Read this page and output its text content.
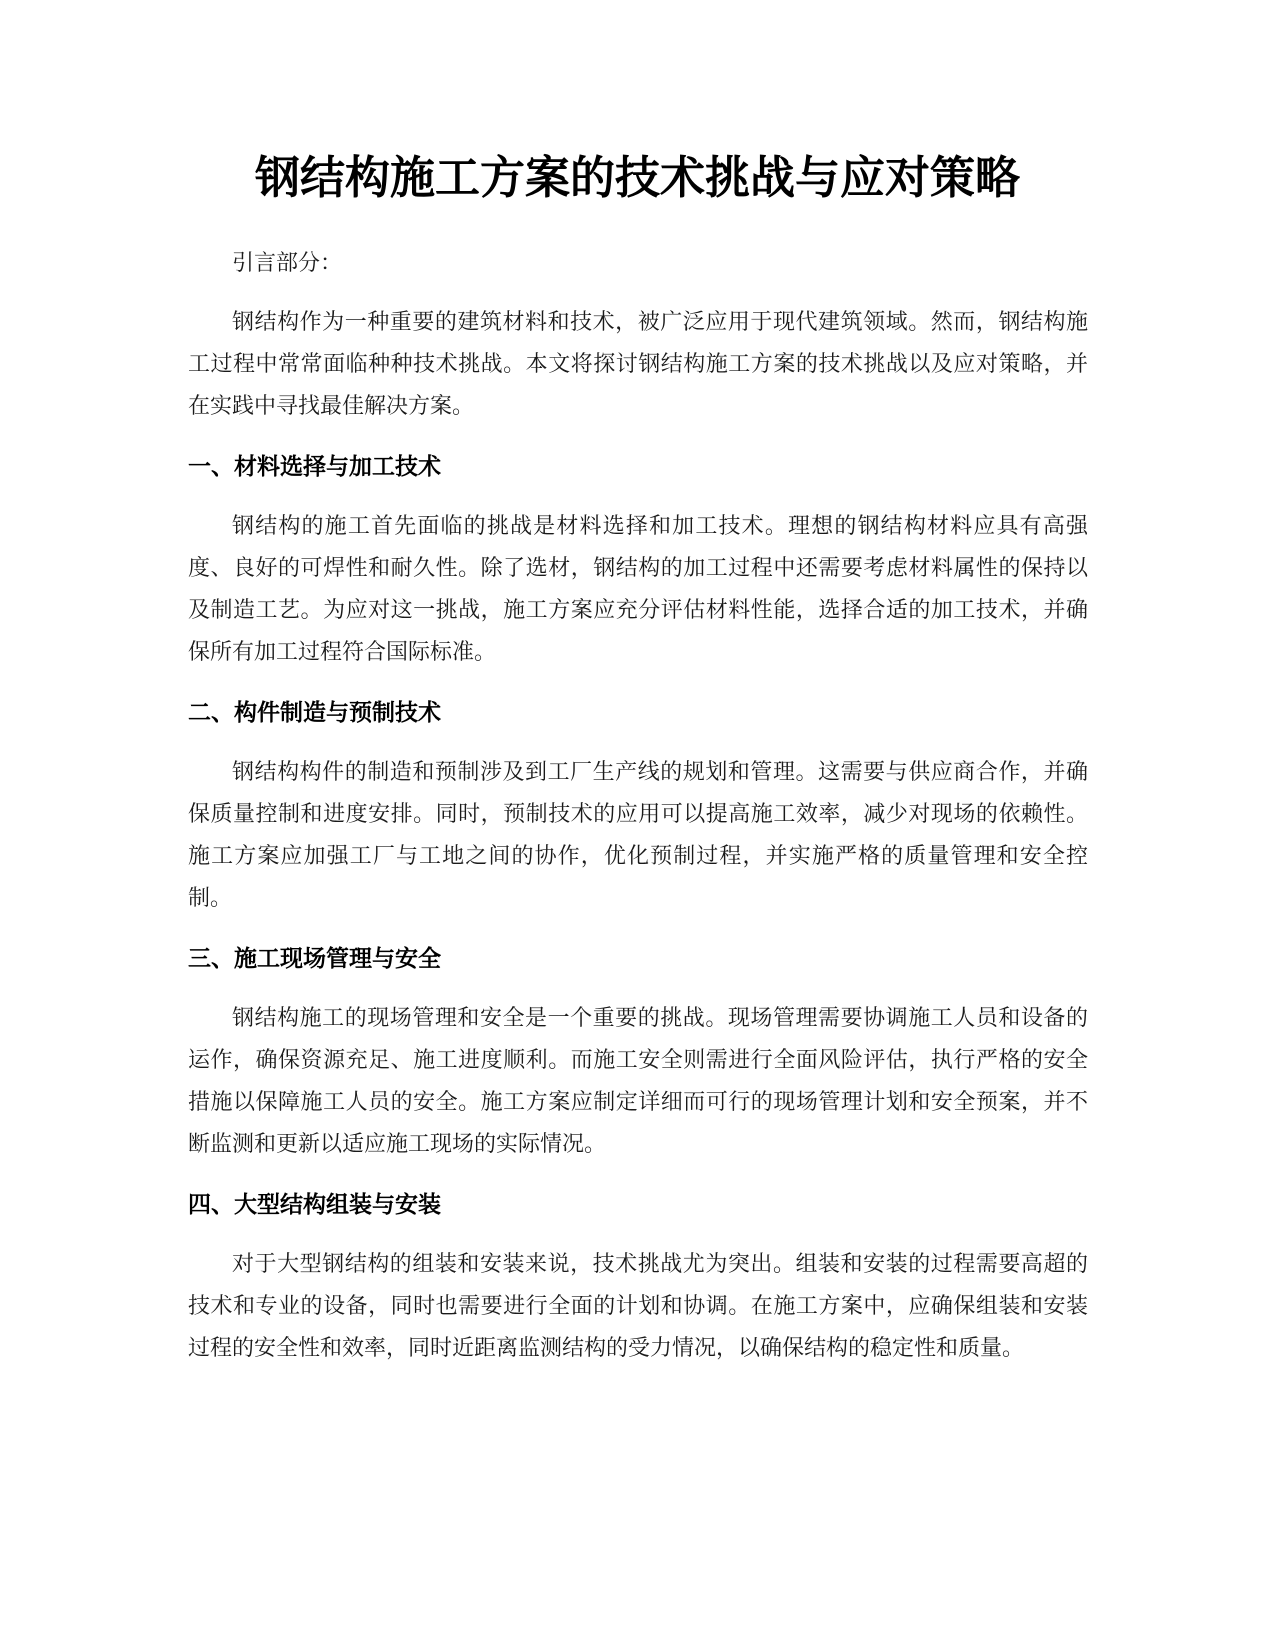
钢结构施工方案的技术挑战与应对策略

引言部分：

钢结构作为一种重要的建筑材料和技术，被广泛应用于现代建筑领域。然而，钢结构施工过程中常常面临种种技术挑战。本文将探讨钢结构施工方案的技术挑战以及应对策略，并在实践中寻找最佳解决方案。

一、材料选择与加工技术

钢结构的施工首先面临的挑战是材料选择和加工技术。理想的钢结构材料应具有高强度、良好的可焊性和耐久性。除了选材，钢结构的加工过程中还需要考虑材料属性的保持以及制造工艺。为应对这一挑战，施工方案应充分评估材料性能，选择合适的加工技术，并确保所有加工过程符合国际标准。

二、构件制造与预制技术

钢结构构件的制造和预制涉及到工厂生产线的规划和管理。这需要与供应商合作，并确保质量控制和进度安排。同时，预制技术的应用可以提高施工效率，减少对现场的依赖性。施工方案应加强工厂与工地之间的协作，优化预制过程，并实施严格的质量管理和安全控制。

三、施工现场管理与安全

钢结构施工的现场管理和安全是一个重要的挑战。现场管理需要协调施工人员和设备的运作，确保资源充足、施工进度顺利。而施工安全则需进行全面风险评估，执行严格的安全措施以保障施工人员的安全。施工方案应制定详细而可行的现场管理计划和安全预案，并不断监测和更新以适应施工现场的实际情况。

四、大型结构组装与安装

对于大型钢结构的组装和安装来说，技术挑战尤为突出。组装和安装的过程需要高超的技术和专业的设备，同时也需要进行全面的计划和协调。在施工方案中，应确保组装和安装过程的安全性和效率，同时近距离监测结构的受力情况，以确保结构的稳定性和质量。
